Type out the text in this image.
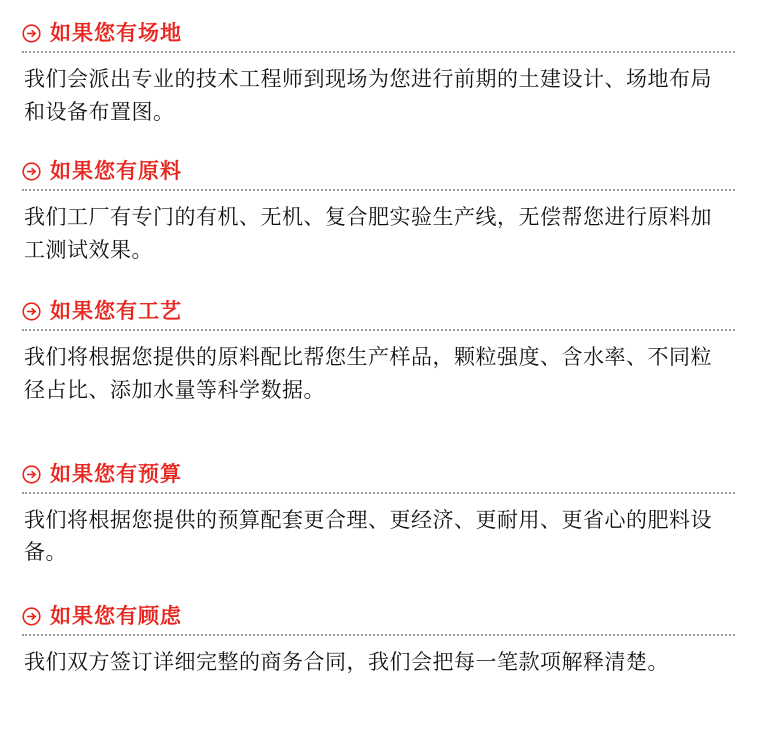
如果您有场地
我们会派出专业的技术工程师到现场为您进行前期的土建设计、场地布局和设备布置图。
如果您有原料
我们工厂有专门的有机、无机、复合肥实验生产线，无偿帮您进行原料加工测试效果。
如果您有工艺
我们将根据您提供的原料配比帮您生产样品，颗粒强度、含水率、不同粒径占比、添加水量等科学数据。
如果您有预算
我们将根据您提供的预算配套更合理、更经济、更耐用、更省心的肥料设备。
如果您有顾虑
我们双方签订详细完整的商务合同，我们会把每一笔款项解释清楚。
